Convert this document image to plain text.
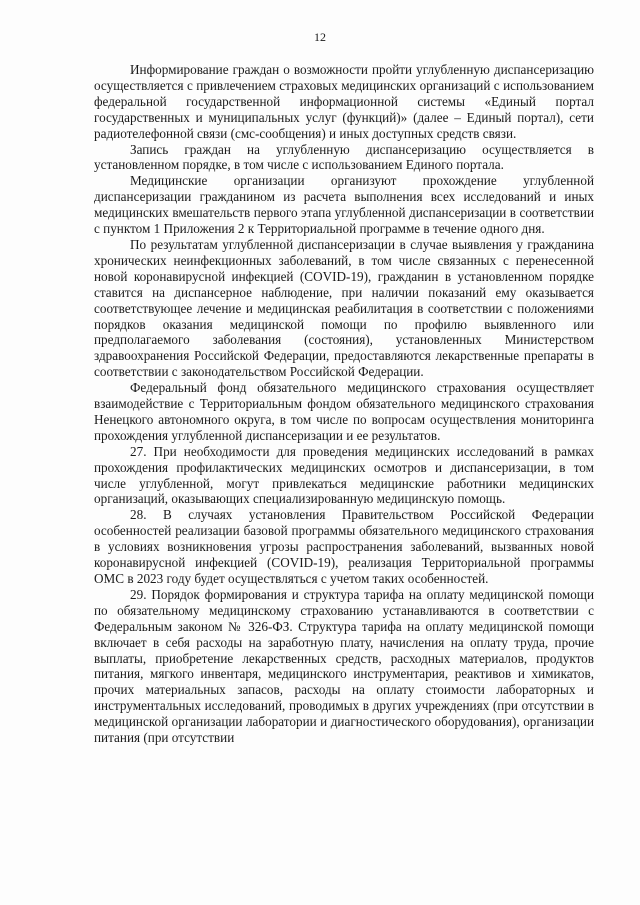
12

Информирование граждан о возможности пройти углубленную диспансеризацию осуществляется с привлечением страховых медицинских организаций с использованием федеральной государственной информационной системы «Единый портал государственных и муниципальных услуг (функций)» (далее – Единый портал), сети радиотелефонной связи (смс-сообщения) и иных доступных средств связи.

Запись граждан на углубленную диспансеризацию осуществляется в установленном порядке, в том числе с использованием Единого портала.

Медицинские организации организуют прохождение углубленной диспансеризации гражданином из расчета выполнения всех исследований и иных медицинских вмешательств первого этапа углубленной диспансеризации в соответствии с пунктом 1 Приложения 2 к Территориальной программе в течение одного дня.

По результатам углубленной диспансеризации в случае выявления у гражданина хронических неинфекционных заболеваний, в том числе связанных с перенесенной новой коронавирусной инфекцией (COVID-19), гражданин в установленном порядке ставится на диспансерное наблюдение, при наличии показаний ему оказывается соответствующее лечение и медицинская реабилитация в соответствии с положениями порядков оказания медицинской помощи по профилю выявленного или предполагаемого заболевания (состояния), установленных Министерством здравоохранения Российской Федерации, предоставляются лекарственные препараты в соответствии с законодательством Российской Федерации.

Федеральный фонд обязательного медицинского страхования осуществляет взаимодействие с Территориальным фондом обязательного медицинского страхования Ненецкого автономного округа, в том числе по вопросам осуществления мониторинга прохождения углубленной диспансеризации и ее результатов.

27. При необходимости для проведения медицинских исследований в рамках прохождения профилактических медицинских осмотров и диспансеризации, в том числе углубленной, могут привлекаться медицинские работники медицинских организаций, оказывающих специализированную медицинскую помощь.

28. В случаях установления Правительством Российской Федерации особенностей реализации базовой программы обязательного медицинского страхования в условиях возникновения угрозы распространения заболеваний, вызванных новой коронавирусной инфекцией (COVID-19), реализация Территориальной программы ОМС в 2023 году будет осуществляться с учетом таких особенностей.

29. Порядок формирования и структура тарифа на оплату медицинской помощи по обязательному медицинскому страхованию устанавливаются в соответствии с Федеральным законом № 326-ФЗ. Структура тарифа на оплату медицинской помощи включает в себя расходы на заработную плату, начисления на оплату труда, прочие выплаты, приобретение лекарственных средств, расходных материалов, продуктов питания, мягкого инвентаря, медицинского инструментария, реактивов и химикатов, прочих материальных запасов, расходы на оплату стоимости лабораторных и инструментальных исследований, проводимых в других учреждениях (при отсутствии в медицинской организации лаборатории и диагностического оборудования), организации питания (при отсутствии
